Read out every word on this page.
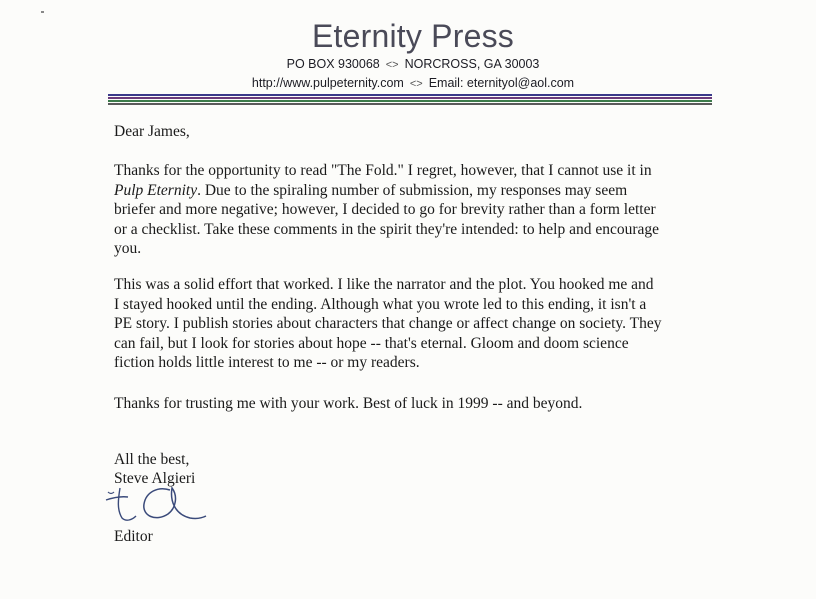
Eternity Press
PO BOX 930068 <> NORCROSS, GA 30003
http://www.pulpeternity.com <> Email: eternityol@aol.com
Dear James,
Thanks for the opportunity to read "The Fold." I regret, however, that I cannot use it in
Pulp Eternity. Due to the spiraling number of submission, my responses may seem
briefer and more negative; however, I decided to go for brevity rather than a form letter
or a checklist. Take these comments in the spirit they're intended: to help and encourage
you.
This was a solid effort that worked. I like the narrator and the plot. You hooked me and
I stayed hooked until the ending. Although what you wrote led to this ending, it isn't a
PE story. I publish stories about characters that change or affect change on society. They
can fail, but I look for stories about hope -- that's eternal. Gloom and doom science
fiction holds little interest to me -- or my readers.
Thanks for trusting me with your work. Best of luck in 1999 -- and beyond.
All the best,
Steve Algieri
Editor
